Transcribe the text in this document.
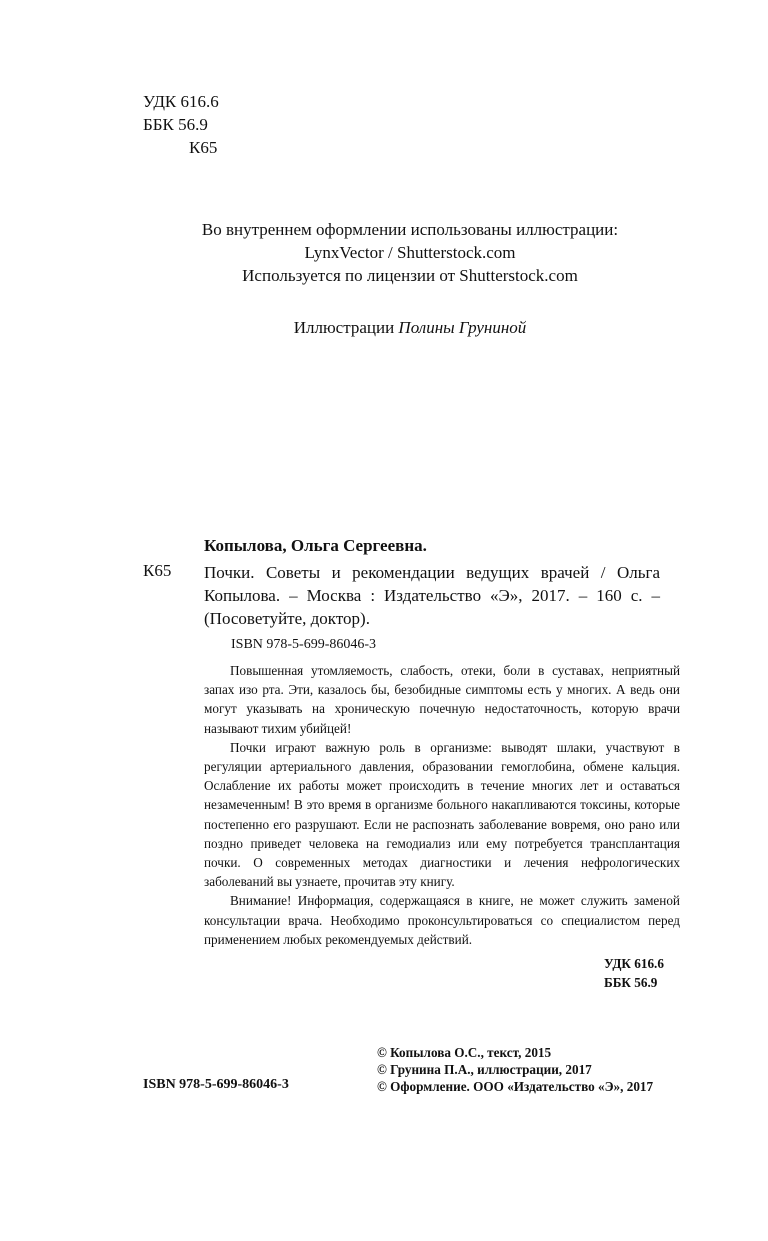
УДК 616.6
ББК 56.9
К65
Во внутреннем оформлении использованы иллюстрации:
LynxVector / Shutterstock.com
Используется по лицензии от Shutterstock.com
Иллюстрации Полины Груниной
Копылова, Ольга Сергеевна.
К65 Почки. Советы и рекомендации ведущих врачей / Ольга Копылова. – Москва : Издательство «Э», 2017. – 160 с. – (Посоветуйте, доктор).
ISBN 978-5-699-86046-3

Повышенная утомляемость, слабость, отеки, боли в суставах, неприятный запах изо рта. Эти, казалось бы, безобидные симптомы есть у многих. А ведь они могут указывать на хроническую почечную недостаточность, которую врачи называют тихим убийцей!

Почки играют важную роль в организме: выводят шлаки, участвуют в регуляции артериального давления, образовании гемоглобина, обмене кальция. Ослабление их работы может происходить в течение многих лет и оставаться незамеченным! В это время в организме больного накапливаются токсины, которые постепенно его разрушают. Если не распознать заболевание вовремя, оно рано или поздно приведет человека на гемодиализ или ему потребуется трансплантация почки. О современных методах диагностики и лечения нефрологических заболеваний вы узнаете, прочитав эту книгу.

Внимание! Информация, содержащаяся в книге, не может служить заменой консультации врача. Необходимо проконсультироваться со специалистом перед применением любых рекомендуемых действий.

УДК 616.6
ББК 56.9
ISBN 978-5-699-86046-3
© Копылова О.С., текст, 2015
© Грунина П.А., иллюстрации, 2017
© Оформление. ООО «Издательство «Э», 2017
